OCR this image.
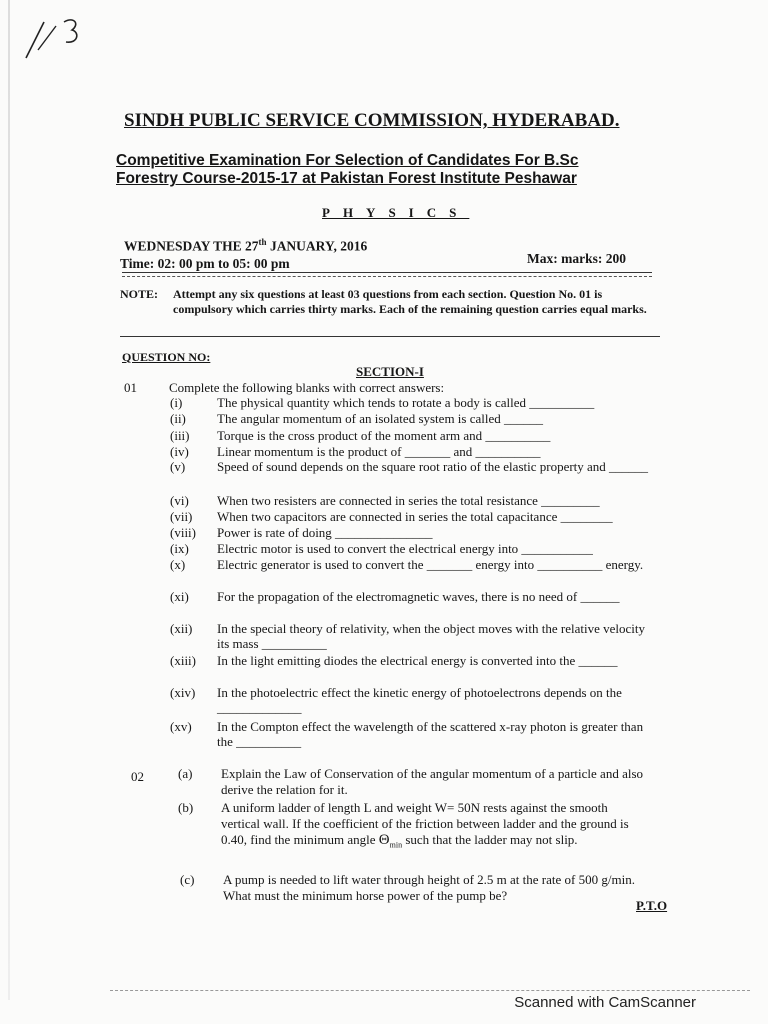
SINDH PUBLIC SERVICE COMMISSION, HYDERABAD.
Competitive Examination For Selection of Candidates For B.Sc
Forestry Course-2015-17 at Pakistan Forest Institute Peshawar
PHYSICS
WEDNESDAY THE 27th JANUARY, 2016
Time: 02: 00 pm to 05: 00 pm	Max: marks: 200
NOTE: Attempt any six questions at least 03 questions from each section. Question No. 01 is compulsory which carries thirty marks. Each of the remaining question carries equal marks.
QUESTION NO:
SECTION-I
01 Complete the following blanks with correct answers:
(i)	The physical quantity which tends to rotate a body is called __________
(ii) The angular momentum of an isolated system is called ______
(iii) Torque is the cross product of the moment arm and __________
(iv) Linear momentum is the product of _______ and __________
(v) Speed of sound depends on the square root ratio of the elastic property and ______
(vi) When two resisters are connected in series the total resistance _________
(vii) When two capacitors are connected in series the total capacitance ________
(viii) Power is rate of doing _______________
(ix) Electric motor is used to convert the electrical energy into ___________
(x) Electric generator is used to convert the _______ energy into __________ energy.
(xi) For the propagation of the electromagnetic waves, there is no need of ______
(xii) In the special theory of relativity, when the object moves with the relative velocity its mass __________
(xiii) In the light emitting diodes the electrical energy is converted into the ______
(xiv) In the photoelectric effect the kinetic energy of photoelectrons depends on the _____________
(xv) In the Compton effect the wavelength of the scattered x-ray photon is greater than the __________
02	(a) Explain the Law of Conservation of the angular momentum of a particle and also derive the relation for it.
(b) A uniform ladder of length L and weight W= 50N rests against the smooth vertical wall. If the coefficient of the friction between ladder and the ground is 0.40, find the minimum angle $\Theta_{min}$ such that the ladder may not slip.
(c) A pump is needed to lift water through height of 2.5 m at the rate of 500 g/min. What must the minimum horse power of the pump be?
P.T.O
Scanned with CamScanner
